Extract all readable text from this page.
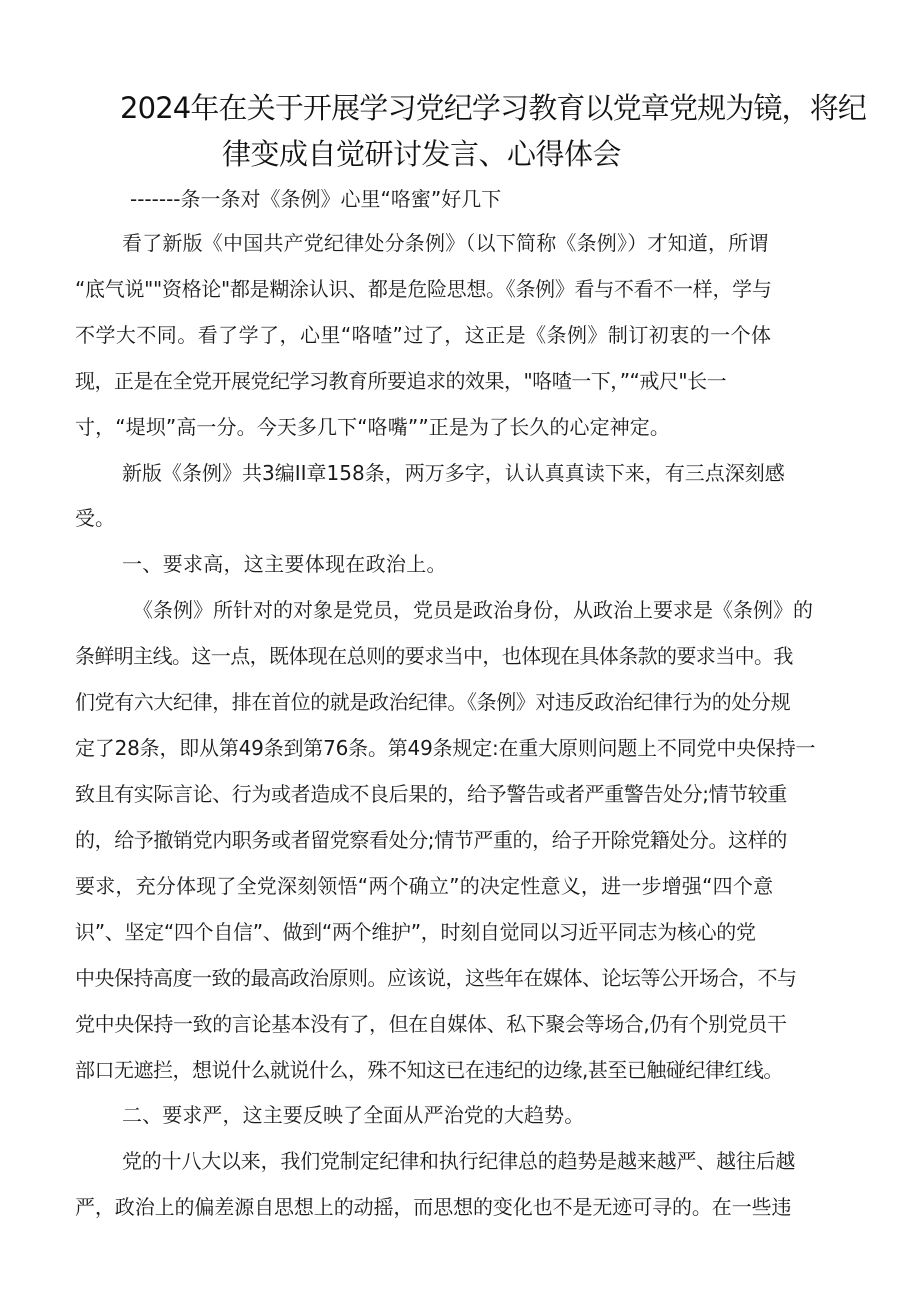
2024年在关于开展学习党纪学习教育以党章党规为镜，将纪
律变成自觉研讨发言、心得体会
-------条一条对《条例》心里“咯蜜”好几下
看了新版《中国共产党纪律处分条例》（以下简称《条例》）才知道，所谓
“底气说""资格论"都是糊涂认识、都是危险思想。《条例》看与不看不一样，学与
不学大不同。看了学了，心里“咯喳”过了，这正是《条例》制订初衷的一个体
现，正是在全党开展党纪学习教育所要追求的效果，"咯喳一下，”“戒尺"长一
寸，“堤坝”高一分。今天多几下“咯嘴””正是为了长久的心定神定。
新版《条例》共3编II章158条，两万多字，认认真真读下来，有三点深刻感
受。
一、要求高，这主要体现在政治上。
《条例》所针对的对象是党员，党员是政治身份，从政治上要求是《条例》的
条鲜明主线。这一点，既体现在总则的要求当中，也体现在具体条款的要求当中。我
们党有六大纪律，排在首位的就是政治纪律。《条例》对违反政治纪律行为的处分规
定了28条，即从第49条到第76条。第49条规定:在重大原则问题上不同党中央保持一
致且有实际言论、行为或者造成不良后果的，给予警告或者严重警告处分;情节较重
的，给予撤销党内职务或者留党察看处分;情节严重的，给子开除党籍处分。这样的
要求，充分体现了全党深刻领悟“两个确立”的决定性意义，进一步增强“四个意
识”、坚定“四个自信”、做到“两个维护”，时刻自觉同以习近平同志为核心的党
中央保持高度一致的最高政治原则。应该说，这些年在媒体、论坛等公开场合，不与
党中央保持一致的言论基本没有了，但在自媒体、私下聚会等场合,仍有个别党员干
部口无遮拦，想说什么就说什么，殊不知这已在违纪的边缘,甚至已触碰纪律红线。
二、要求严，这主要反映了全面从严治党的大趋势。
党的十八大以来，我们党制定纪律和执行纪律总的趋势是越来越严、越往后越
严，政治上的偏差源自思想上的动摇，而思想的变化也不是无迹可寻的。在一些违
